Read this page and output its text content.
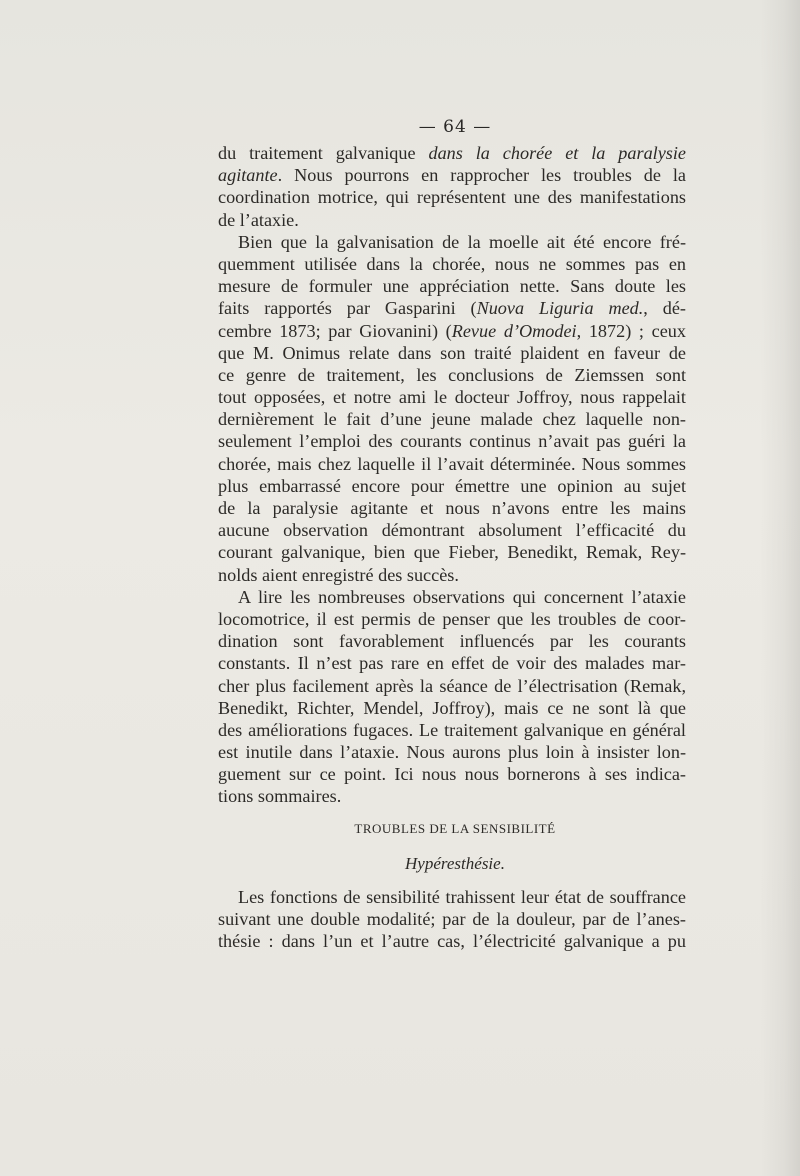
— 64 —
du traitement galvanique dans la chorée et la paralysie
agitante. Nous pourrons en rapprocher les troubles de la
coordination motrice, qui représentent une des manifestations
de l’ataxie.
Bien que la galvanisation de la moelle ait été encore fré-
quemment utilisée dans la chorée, nous ne sommes pas en
mesure de formuler une appréciation nette. Sans doute les
faits rapportés par Gasparini (Nuova Liguria med., dé-
cembre 1873; par Giovanini) (Revue d’Omodei, 1872) ; ceux
que M. Onimus relate dans son traité plaident en faveur de
ce genre de traitement, les conclusions de Ziemssen sont
tout opposées, et notre ami le docteur Joffroy, nous rappelait
dernièrement le fait d’une jeune malade chez laquelle non-
seulement l’emploi des courants continus n’avait pas guéri la
chorée, mais chez laquelle il l’avait déterminée. Nous sommes
plus embarrassé encore pour émettre une opinion au sujet
de la paralysie agitante et nous n’avons entre les mains
aucune observation démontrant absolument l’efficacité du
courant galvanique, bien que Fieber, Benedikt, Remak, Rey-
nolds aient enregistré des succès.
A lire les nombreuses observations qui concernent l’ataxie
locomotrice, il est permis de penser que les troubles de coor-
dination sont favorablement influencés par les courants
constants. Il n’est pas rare en effet de voir des malades mar-
cher plus facilement après la séance de l’électrisation (Remak,
Benedikt, Richter, Mendel, Joffroy), mais ce ne sont là que
des améliorations fugaces. Le traitement galvanique en général
est inutile dans l’ataxie. Nous aurons plus loin à insister lon-
guement sur ce point. Ici nous nous bornerons à ses indica-
tions sommaires.
TROUBLES DE LA SENSIBILITÉ
Hypéresthésie.
Les fonctions de sensibilité trahissent leur état de souffrance
suivant une double modalité; par de la douleur, par de l’anes-
thésie : dans l’un et l’autre cas, l’électricité galvanique a pu
